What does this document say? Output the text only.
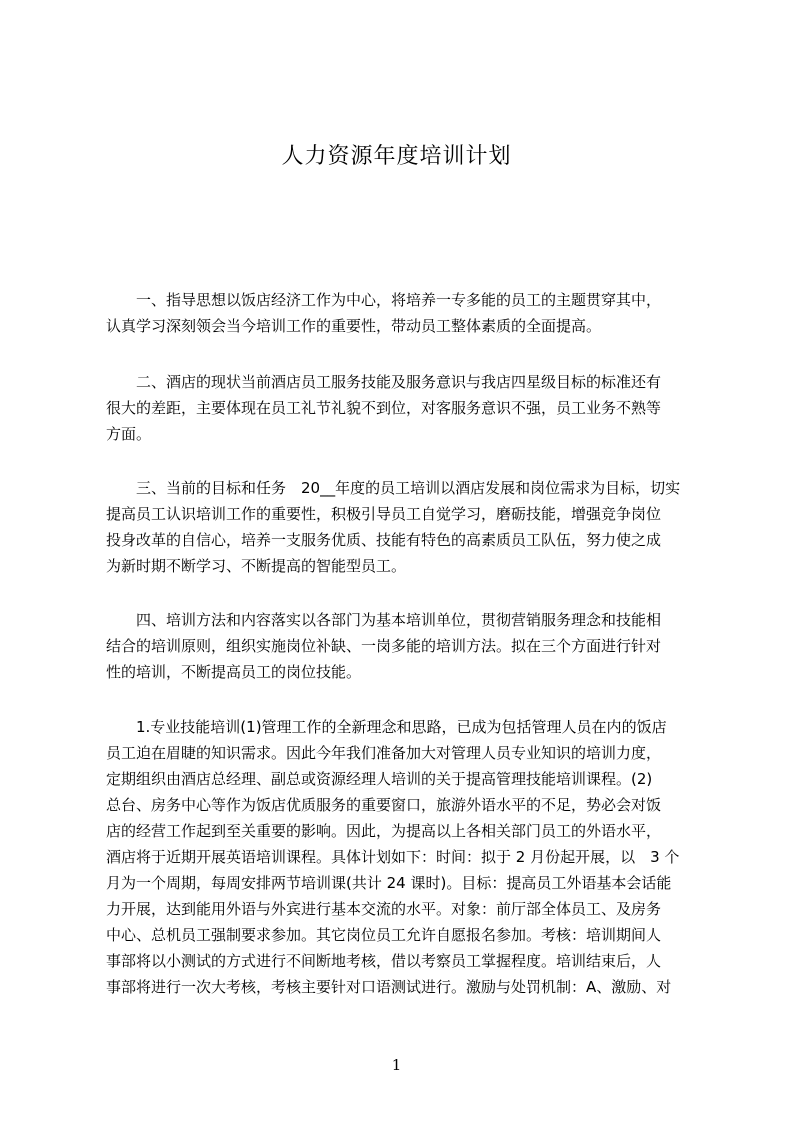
人力资源年度培训计划
　　一、指导思想以饭店经济工作为中心，将培养一专多能的员工的主题贯穿其中，
认真学习深刻领会当今培训工作的重要性，带动员工整体素质的全面提高。
　　二、酒店的现状当前酒店员工服务技能及服务意识与我店四星级目标的标准还有
很大的差距，主要体现在员工礼节礼貌不到位，对客服务意识不强，员工业务不熟等
方面。
　　三、当前的目标和任务　20__年度的员工培训以酒店发展和岗位需求为目标，切实
提高员工认识培训工作的重要性，积极引导员工自觉学习，磨砺技能，增强竞争岗位
投身改革的自信心，培养一支服务优质、技能有特色的高素质员工队伍，努力使之成
为新时期不断学习、不断提高的智能型员工。
　　四、培训方法和内容落实以各部门为基本培训单位，贯彻营销服务理念和技能相
结合的培训原则，组织实施岗位补缺、一岗多能的培训方法。拟在三个方面进行针对
性的培训，不断提高员工的岗位技能。
　　1.专业技能培训(1)管理工作的全新理念和思路，已成为包括管理人员在内的饭店
员工迫在眉睫的知识需求。因此今年我们准备加大对管理人员专业知识的培训力度，
定期组织由酒店总经理、副总或资源经理人培训的关于提高管理技能培训课程。(2)
总台、房务中心等作为饭店优质服务的重要窗口，旅游外语水平的不足，势必会对饭
店的经营工作起到至关重要的影响。因此，为提高以上各相关部门员工的外语水平，
酒店将于近期开展英语培训课程。具体计划如下：时间：拟于 2 月份起开展，以　3 个
月为一个周期，每周安排两节培训课(共计 24 课时)。目标：提高员工外语基本会话能
力开展，达到能用外语与外宾进行基本交流的水平。对象：前厅部全体员工、及房务
中心、总机员工强制要求参加。其它岗位员工允许自愿报名参加。考核：培训期间人
事部将以小测试的方式进行不间断地考核，借以考察员工掌握程度。培训结束后，人
事部将进行一次大考核，考核主要针对口语测试进行。激励与处罚机制：A、激励、对
1
